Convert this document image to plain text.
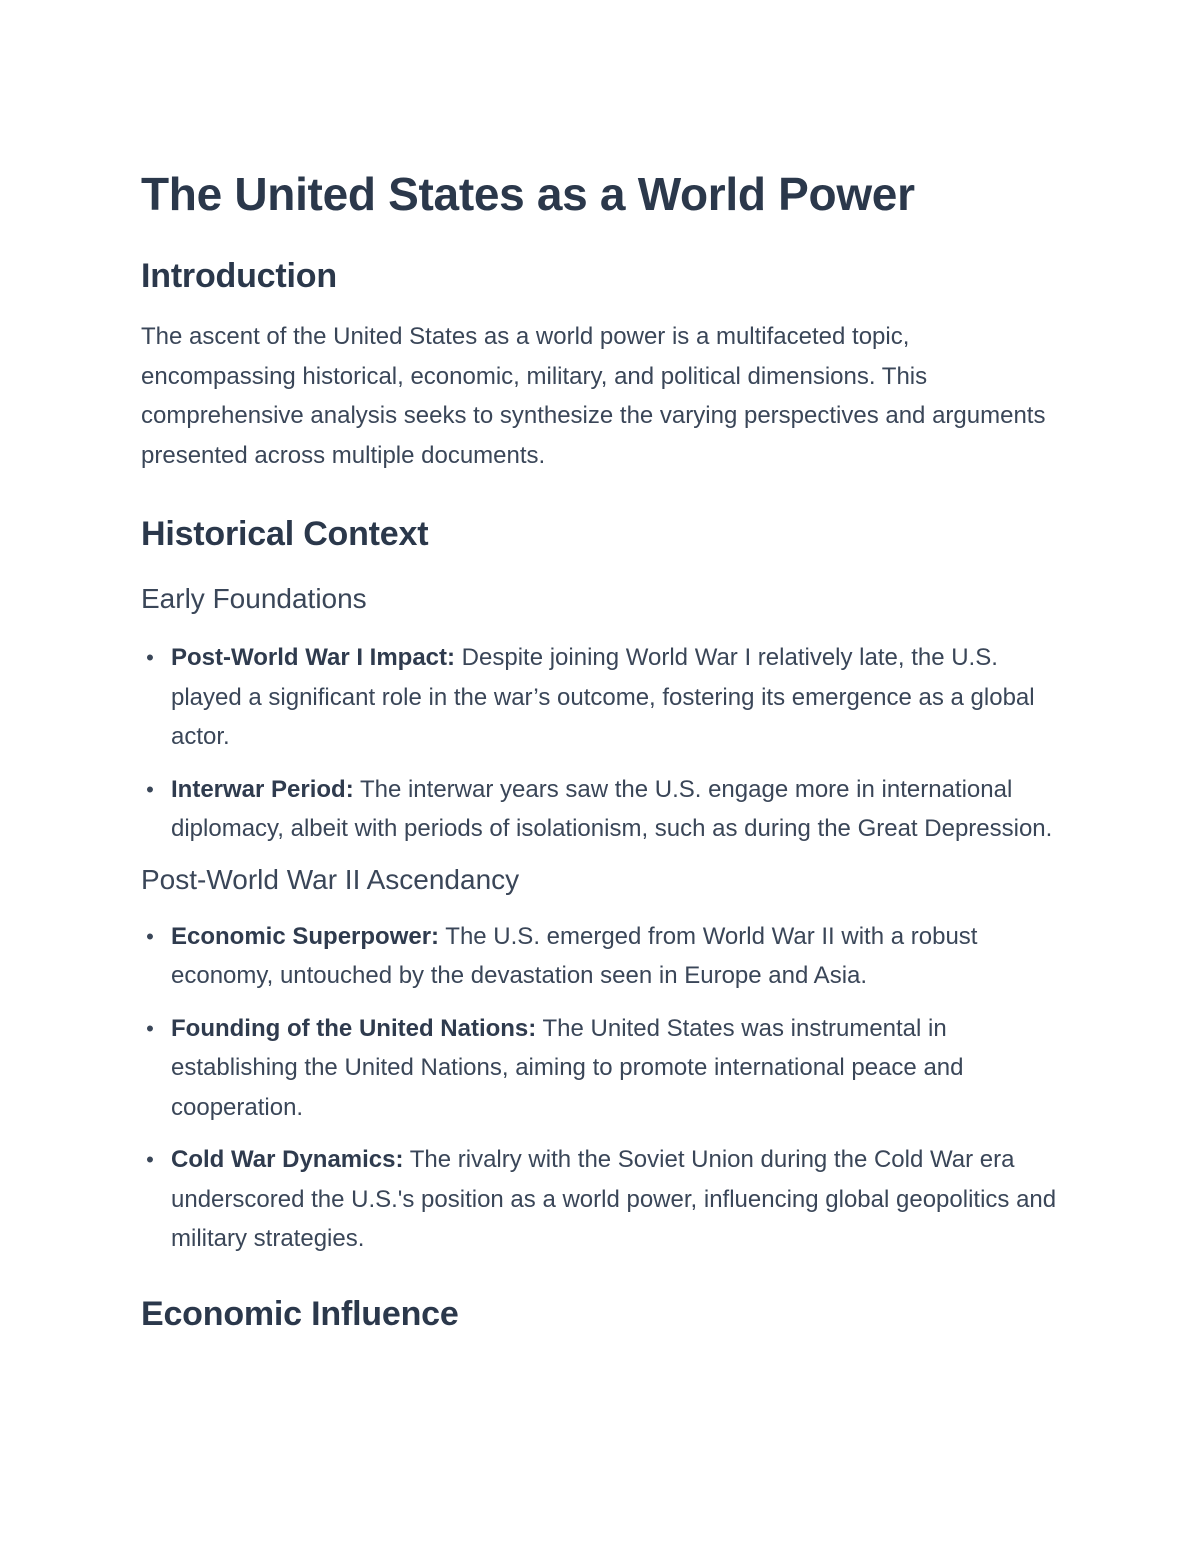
The United States as a World Power
Introduction

The ascent of the United States as a world power is a multifaceted topic, encompassing historical, economic, military, and political dimensions. This comprehensive analysis seeks to synthesize the varying perspectives and arguments presented across multiple documents.

Historical Context
Early Foundations
• Post-World War I Impact: Despite joining World War I relatively late, the U.S. played a significant role in the war’s outcome, fostering its emergence as a global actor.
• Interwar Period: The interwar years saw the U.S. engage more in international diplomacy, albeit with periods of isolationism, such as during the Great Depression.
Post-World War II Ascendancy
• Economic Superpower: The U.S. emerged from World War II with a robust economy, untouched by the devastation seen in Europe and Asia.
• Founding of the United Nations: The United States was instrumental in establishing the United Nations, aiming to promote international peace and cooperation.
• Cold War Dynamics: The rivalry with the Soviet Union during the Cold War era underscored the U.S.'s position as a world power, influencing global geopolitics and military strategies.
Economic Influence
